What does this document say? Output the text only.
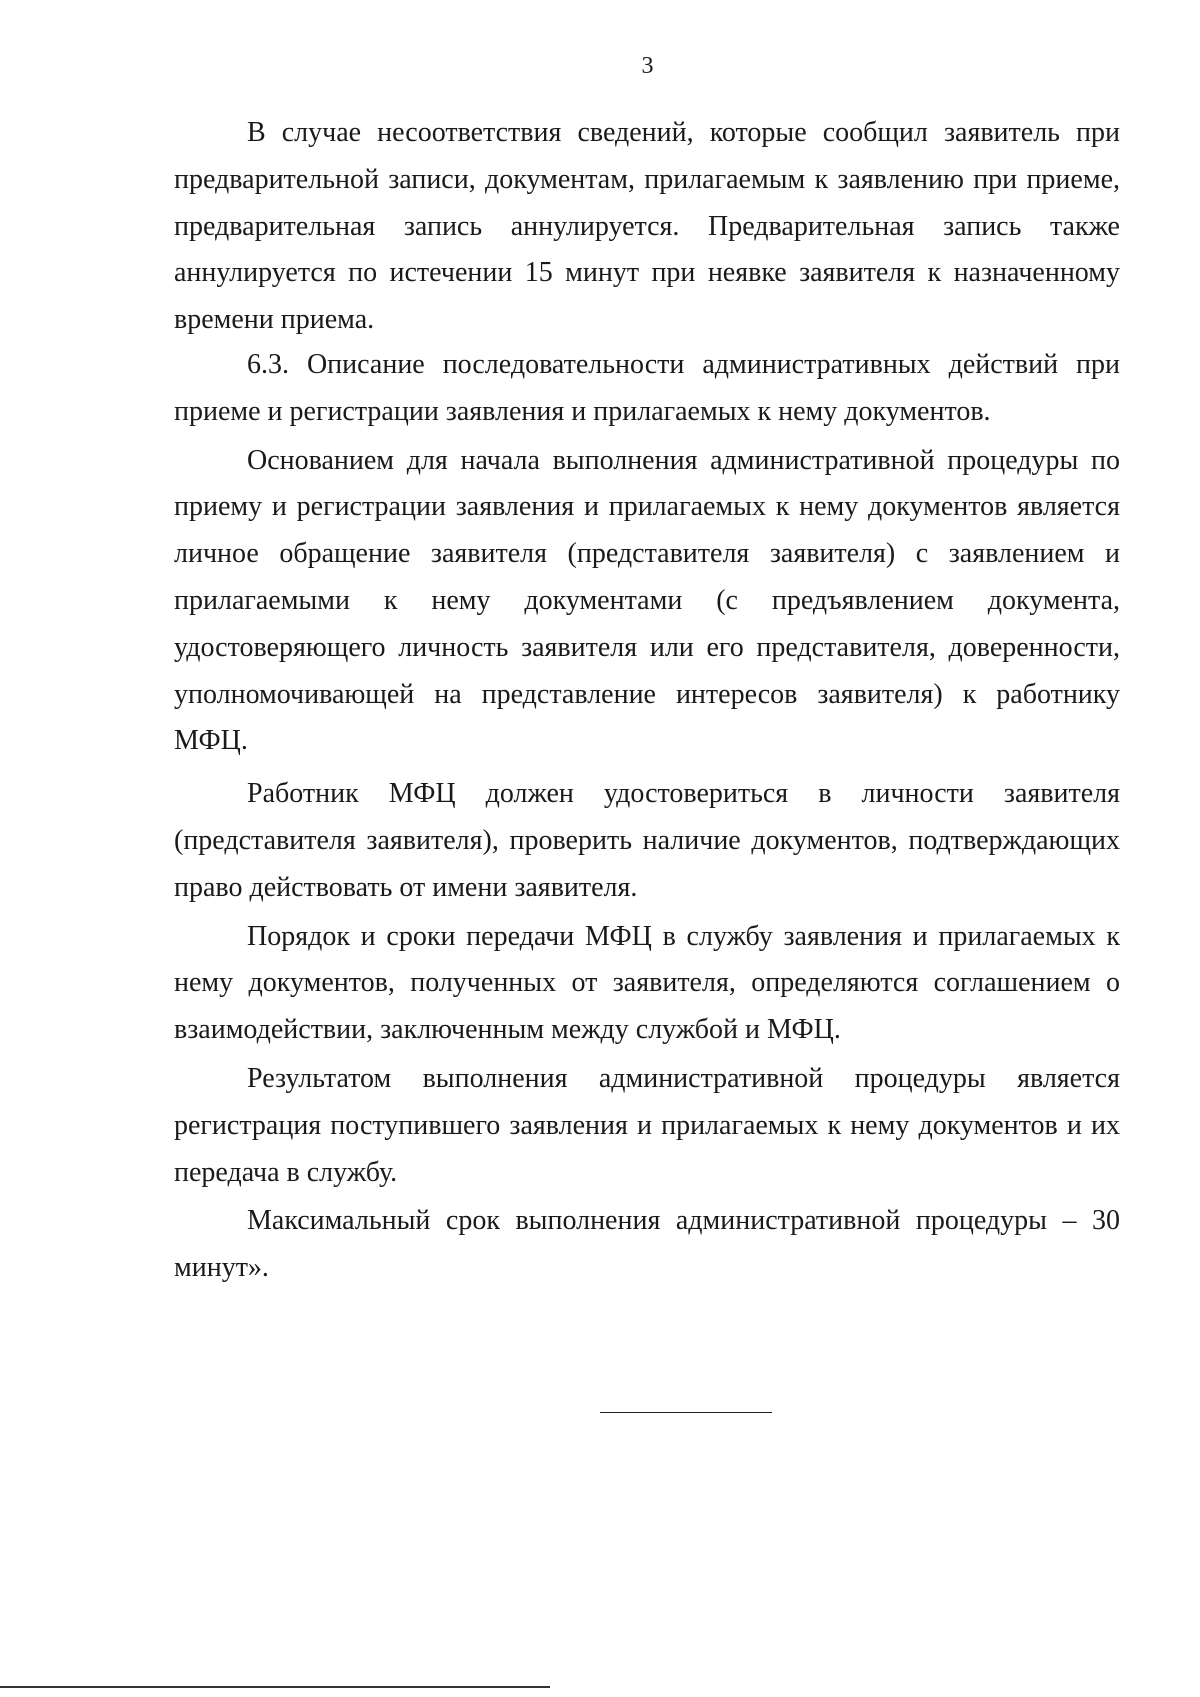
3

В случае несоответствия сведений, которые сообщил заявитель при предварительной записи, документам, прилагаемым к заявлению при приеме, предварительная запись аннулируется. Предварительная запись также аннулируется по истечении 15 минут при неявке заявителя к назначенному времени приема.

6.3. Описание последовательности административных действий при приеме и регистрации заявления и прилагаемых к нему документов.

Основанием для начала выполнения административной процедуры по приему и регистрации заявления и прилагаемых к нему документов является личное обращение заявителя (представителя заявителя) с заявлением и прилагаемыми к нему документами (с предъявлением документа, удостоверяющего личность заявителя или его представителя, доверенности, уполномочивающей на представление интересов заявителя) к работнику МФЦ.

Работник МФЦ должен удостовериться в личности заявителя (представителя заявителя), проверить наличие документов, подтверждающих право действовать от имени заявителя.

Порядок и сроки передачи МФЦ в службу заявления и прилагаемых к нему документов, полученных от заявителя, определяются соглашением о взаимодействии, заключенным между службой и МФЦ.

Результатом выполнения административной процедуры является регистрация поступившего заявления и прилагаемых к нему документов и их передача в службу.

Максимальный срок выполнения административной процедуры – 30 минут».
